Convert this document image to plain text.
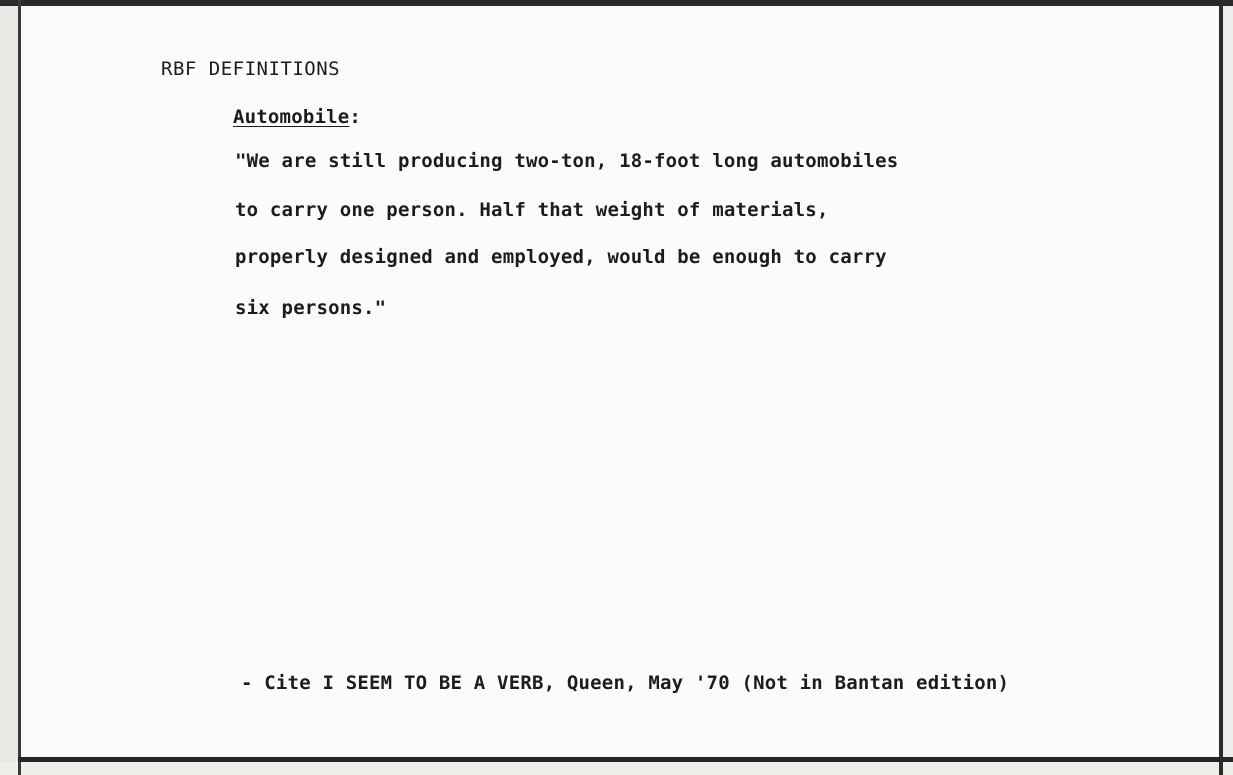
RBF DEFINITIONS
Automobile:
"We are still producing two-ton, 18-foot long automobiles
to carry one person. Half that weight of materials,
properly designed and employed, would be enough to carry
six persons."
- Cite I SEEM TO BE A VERB, Queen, May '70 (Not in Bantan edition)
